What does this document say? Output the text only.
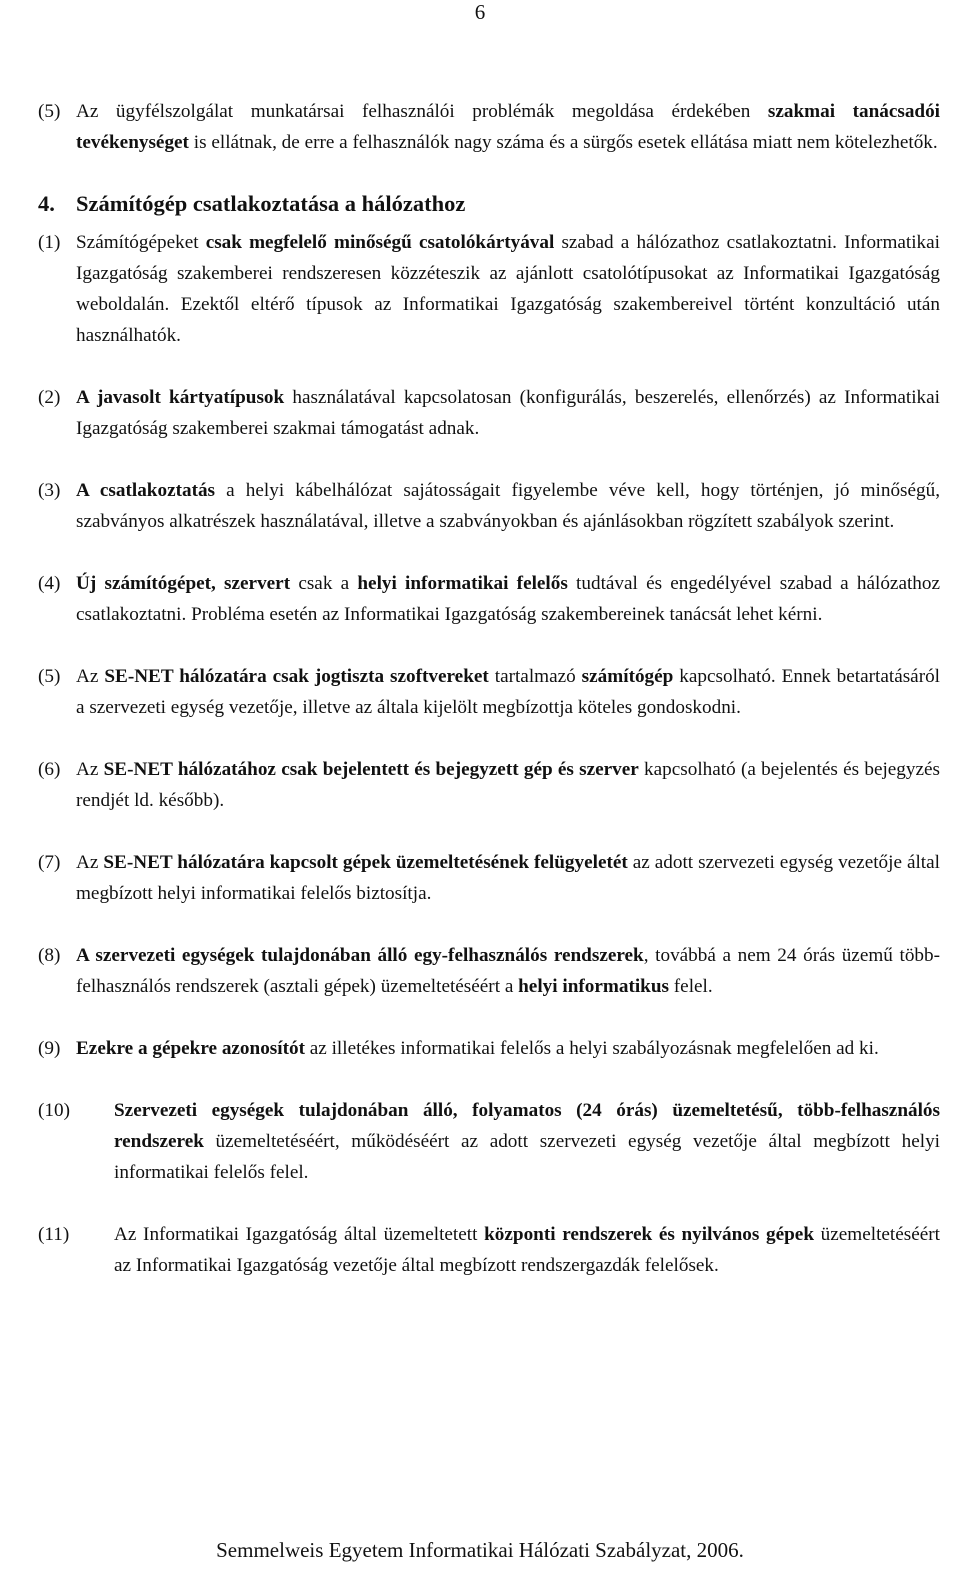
6

(5) Az ügyfélszolgálat munkatársai felhasználói problémák megoldása érdekében szakmai tanácsadói tevékenységet is ellátnak, de erre a felhasználók nagy száma és a sürgős esetek ellátása miatt nem kötelezhetők.

4. Számítógép csatlakoztatása a hálózathoz

(1) Számítógépeket csak megfelelő minőségű csatolókártyával szabad a hálózathoz csatlakoztatni. Informatikai Igazgatóság szakemberei rendszeresen közzéteszik az ajánlott csatolótípusokat az Informatikai Igazgatóság weboldalán. Ezektől eltérő típusok az Informatikai Igazgatóság szakembereivel történt konzultáció után használhatók.

(2) A javasolt kártyatípusok használatával kapcsolatosan (konfigurálás, beszerelés, ellenőrzés) az Informatikai Igazgatóság szakemberei szakmai támogatást adnak.

(3) A csatlakoztatás a helyi kábelhálózat sajátosságait figyelembe véve kell, hogy történjen, jó minőségű, szabványos alkatrészek használatával, illetve a szabványokban és ajánlásokban rögzített szabályok szerint.

(4) Új számítógépet, szervert csak a helyi informatikai felelős tudtával és engedélyével szabad a hálózathoz csatlakoztatni. Probléma esetén az Informatikai Igazgatóság szakembereinek tanácsát lehet kérni.

(5) Az SE-NET hálózatára csak jogtiszta szoftvereket tartalmazó számítógép kapcsolható. Ennek betartatásáról a szervezeti egység vezetője, illetve az általa kijelölt megbízottja köteles gondoskodni.

(6) Az SE-NET hálózatához csak bejelentett és bejegyzett gép és szerver kapcsolható (a bejelentés és bejegyzés rendjét ld. később).

(7) Az SE-NET hálózatára kapcsolt gépek üzemeltetésének felügyeletét az adott szervezeti egység vezetője által megbízott helyi informatikai felelős biztosítja.

(8) A szervezeti egységek tulajdonában álló egy-felhasználós rendszerek, továbbá a nem 24 órás üzemű több-felhasználós rendszerek (asztali gépek) üzemeltetéséért a helyi informatikus felel.

(9) Ezekre a gépekre azonosítót az illetékes informatikai felelős a helyi szabályozásnak megfelelően ad ki.

(10) Szervezeti egységek tulajdonában álló, folyamatos (24 órás) üzemeltetésű, több-felhasználós rendszerek üzemeltetéséért, működéséért az adott szervezeti egység vezetője által megbízott helyi informatikai felelős felel.

(11) Az Informatikai Igazgatóság által üzemeltetett központi rendszerek és nyilvános gépek üzemeltetéséért az Informatikai Igazgatóság vezetője által megbízott rendszergazdák felelősek.

Semmelweis Egyetem Informatikai Hálózati Szabályzat, 2006.
